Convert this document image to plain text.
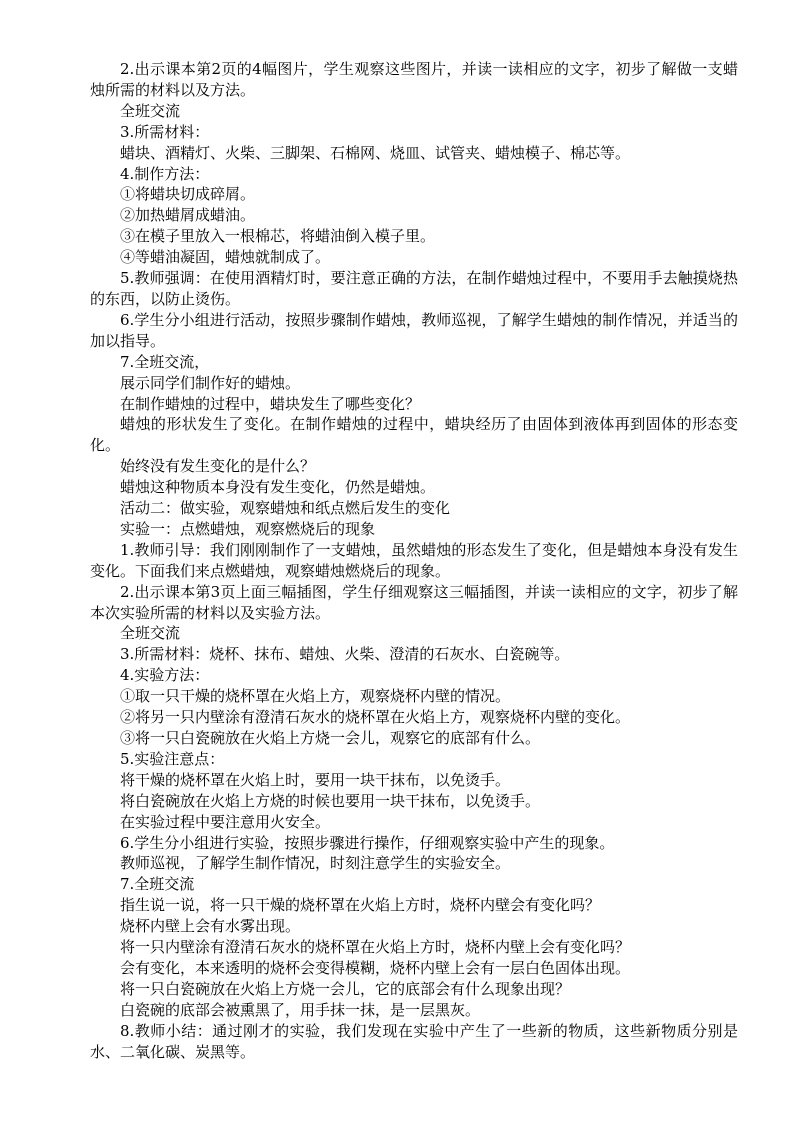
2.出示课本第2页的4幅图片，学生观察这些图片，并读一读相应的文字，初步了解做一支蜡烛所需的材料以及方法。

全班交流

3.所需材料：

蜡块、酒精灯、火柴、三脚架、石棉网、烧皿、试管夹、蜡烛模子、棉芯等。

4.制作方法：

①将蜡块切成碎屑。

②加热蜡屑成蜡油。

③在模子里放入一根棉芯，将蜡油倒入模子里。

④等蜡油凝固，蜡烛就制成了。

5.教师强调：在使用酒精灯时，要注意正确的方法，在制作蜡烛过程中，不要用手去触摸烧热的东西，以防止烫伤。

6.学生分小组进行活动，按照步骤制作蜡烛，教师巡视，了解学生蜡烛的制作情况，并适当的加以指导。

7.全班交流，

展示同学们制作好的蜡烛。

在制作蜡烛的过程中，蜡块发生了哪些变化？

蜡烛的形状发生了变化。在制作蜡烛的过程中，蜡块经历了由固体到液体再到固体的形态变化。

始终没有发生变化的是什么？

蜡烛这种物质本身没有发生变化，仍然是蜡烛。

活动二：做实验，观察蜡烛和纸点燃后发生的变化

实验一：点燃蜡烛，观察燃烧后的现象

1.教师引导：我们刚刚制作了一支蜡烛，虽然蜡烛的形态发生了变化，但是蜡烛本身没有发生变化。下面我们来点燃蜡烛，观察蜡烛燃烧后的现象。

2.出示课本第3页上面三幅插图，学生仔细观察这三幅插图，并读一读相应的文字，初步了解本次实验所需的材料以及实验方法。

全班交流

3.所需材料：烧杯、抹布、蜡烛、火柴、澄清的石灰水、白瓷碗等。

4.实验方法：

①取一只干燥的烧杯罩在火焰上方，观察烧杯内壁的情况。

②将另一只内壁涂有澄清石灰水的烧杯罩在火焰上方，观察烧杯内壁的变化。

③将一只白瓷碗放在火焰上方烧一会儿，观察它的底部有什么。

5.实验注意点：

将干燥的烧杯罩在火焰上时，要用一块干抹布，以免烫手。

将白瓷碗放在火焰上方烧的时候也要用一块干抹布，以免烫手。

在实验过程中要注意用火安全。

6.学生分小组进行实验，按照步骤进行操作，仔细观察实验中产生的现象。

教师巡视，了解学生制作情况，时刻注意学生的实验安全。

7.全班交流

指生说一说，将一只干燥的烧杯罩在火焰上方时，烧杯内壁会有变化吗？

烧杯内壁上会有水雾出现。

将一只内壁涂有澄清石灰水的烧杯罩在火焰上方时，烧杯内壁上会有变化吗？

会有变化，本来透明的烧杯会变得模糊，烧杯内壁上会有一层白色固体出现。

将一只白瓷碗放在火焰上方烧一会儿，它的底部会有什么现象出现？

白瓷碗的底部会被熏黑了，用手抹一抹，是一层黑灰。

8.教师小结：通过刚才的实验，我们发现在实验中产生了一些新的物质，这些新物质分别是水、二氧化碳、炭黑等。
